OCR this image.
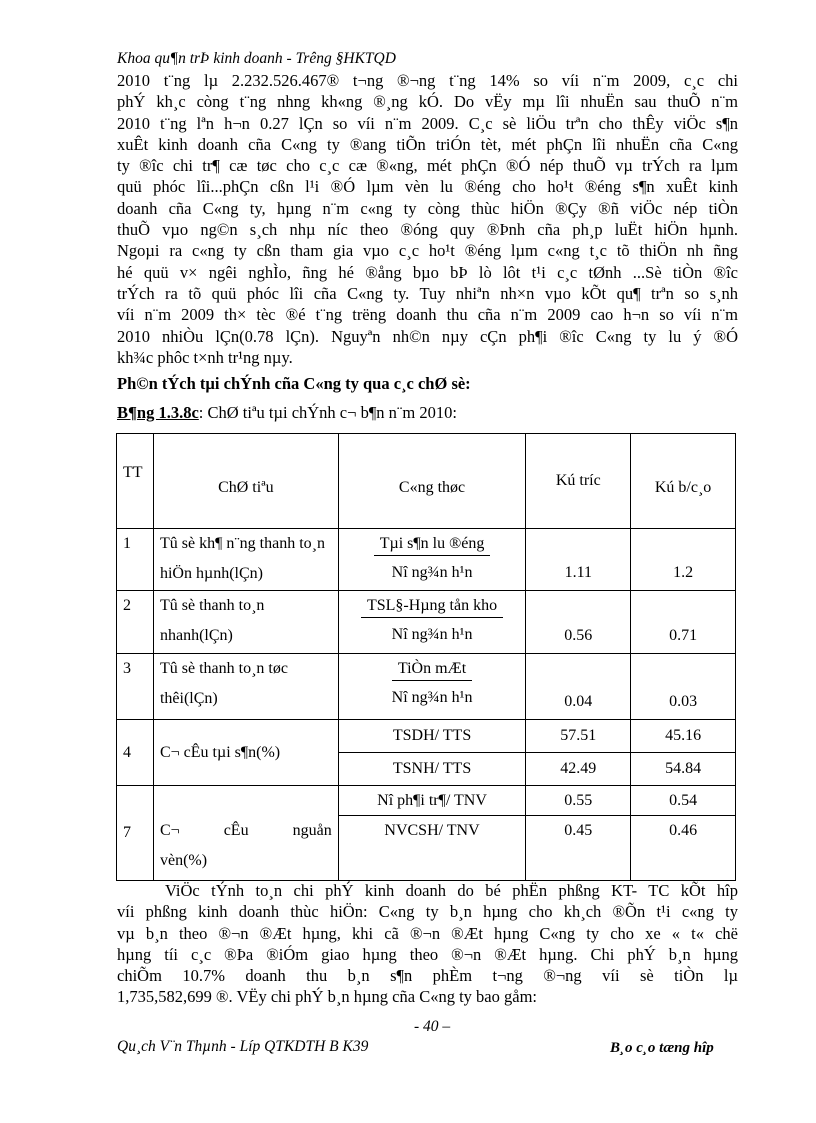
Khoa qu¶n trÞ kinh doanh - Trêng §HKTQD
2010 t¨ng lµ 2.232.526.467® t¬ng ®¬ng t¨ng 14% so víi n¨m 2009, c¸c chi
phÝ kh¸c còng t¨ng nhng kh«ng ®¸ng kÓ. Do vËy mµ lîi nhuËn sau thuÕ n¨m
2010 t¨ng lªn h¬n 0.27 lÇn so víi n¨m 2009. C¸c sè liÖu trªn cho thÊy viÖc s¶n
xuÊt kinh doanh cña C«ng ty ®ang tiÕn triÓn tèt, mét phÇn lîi nhuËn cña C«ng
ty ®îc chi tr¶ cæ tøc cho c¸c cæ ®«ng, mét phÇn ®Ó nép thuÕ vµ trÝch ra lµm
quü phóc lîi...phÇn cßn l¹i ®Ó lµm vèn lu ®éng cho ho¹t ®éng s¶n xuÊt kinh
doanh cña C«ng ty, hµng n¨m c«ng ty còng thùc hiÖn ®Çy ®ñ viÖc nép tiÒn
thuÕ vµo ng©n s¸ch nhµ níc theo ®óng quy ®Þnh cña ph¸p luËt hiÖn hµnh.
Ngoµi ra c«ng ty cßn tham gia vµo c¸c ho¹t ®éng lµm c«ng t¸c tõ thiÖn nh ñng
hé quü v× ngêi nghÌo, ñng hé ®ång bµo bÞ lò lôt t¹i c¸c tØnh ...Sè tiÒn ®îc
trÝch ra tõ quü phóc lîi cña C«ng ty. Tuy nhiªn nh×n vµo kÕt qu¶ trªn so s¸nh
víi n¨m 2009 th× tèc ®é t¨ng trëng doanh thu cña n¨m 2009 cao h¬n so víi n¨m
2010 nhiÒu lÇn(0.78 lÇn). Nguyªn nh©n nµy cÇn ph¶i ®îc C«ng ty lu ý ®Ó
kh¾c phôc t×nh tr¹ng nµy.
Ph©n tÝch tµi chÝnh cña C«ng ty qua c¸c chØ sè:
B¶ng 1.3.8c: ChØ tiªu tµi chÝnh c¬ b¶n n¨m 2010:
TT	ChØ tiªu	C«ng thøc	Kú tríc	Kú b/c¸o
1	Tû sè kh¶ n¨ng thanh to¸n hiÖn hµnh(lÇn)	Tµi s¶n lu ®éng
Nî ng¾n h¹n	1.11	1.2
2	Tû sè thanh to¸n nhanh(lÇn)	TSL§-Hµng tån kho
Nî ng¾n h¹n	0.56	0.71
3	Tû sè thanh to¸n tøc thêi(lÇn)	TiÒn mÆt
Nî ng¾n h¹n	0.04	0.03
4	C¬ cÊu tµi s¶n(%)	TSDH/ TTS	57.51	45.16
		TSNH/ TTS	42.49	54.84
7	C¬ cÊu nguån
vèn(%)	Nî ph¶i tr¶/ TNV	0.55	0.54
		NVCSH/ TNV	0.45	0.46
ViÖc tÝnh to¸n chi phÝ kinh doanh do bé phËn phßng KT- TC kÕt hîp
víi phßng kinh doanh thùc hiÖn: C«ng ty b¸n hµng cho kh¸ch ®Õn t¹i c«ng ty
vµ b¸n theo ®¬n ®Æt hµng, khi cã ®¬n ®Æt hµng C«ng ty cho xe « t« chë
hµng tíi c¸c ®Þa ®iÓm giao hµng theo ®¬n ®Æt hµng. Chi phÝ b¸n hµng
chiÕm 10.7% doanh thu b¸n s¶n phÈm t¬ng ®¬ng víi sè tiÒn lµ
1,735,582,699 ®. VËy chi phÝ b¸n hµng cña C«ng ty bao gåm:
- 40 –
Qu¸ch V¨n Thµnh - Líp QTKDTH B K39	B¸o c¸o tæng hîp
